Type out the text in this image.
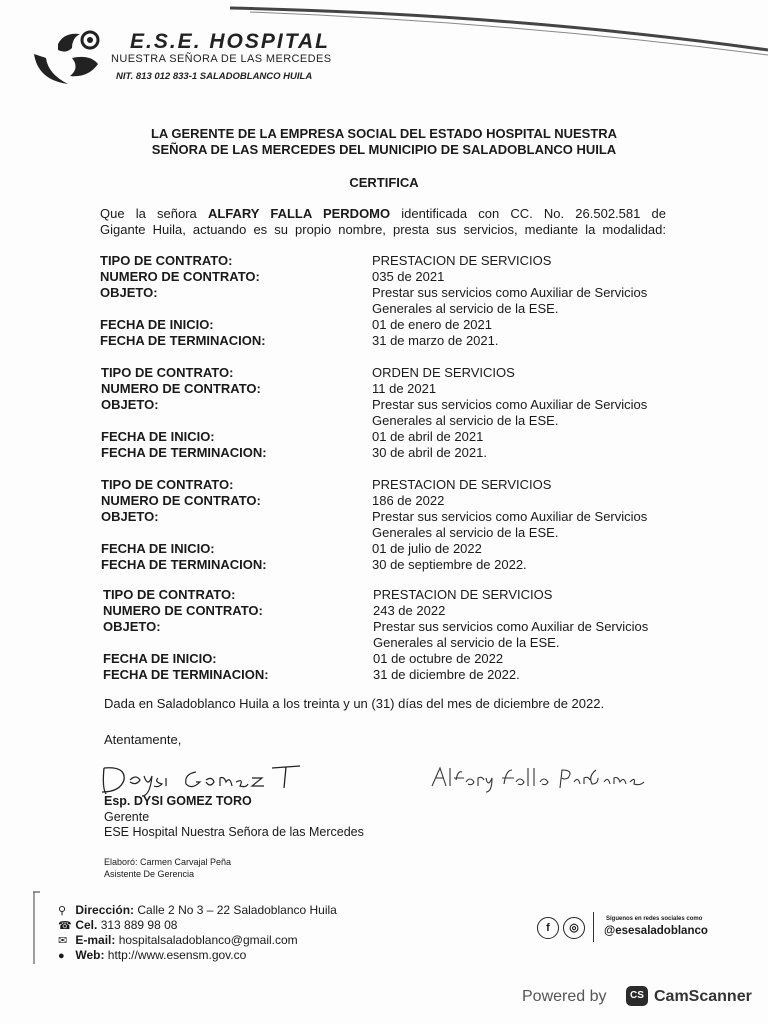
E.S.E. HOSPITAL
NUESTRA SEÑORA DE LAS MERCEDES
NIT. 813 012 833-1 SALADOBLANCO HUILA
LA GERENTE DE LA EMPRESA SOCIAL DEL ESTADO HOSPITAL NUESTRA
SEÑORA DE LAS MERCEDES DEL MUNICIPIO DE SALADOBLANCO HUILA
CERTIFICA
Que la señora ALFARY FALLA PERDOMO identificada con CC. No. 26.502.581 de
Gigante Huila, actuando es su propio nombre, presta sus servicios, mediante la modalidad:
TIPO DE CONTRATO:
NUMERO DE CONTRATO:
OBJETO:
FECHA DE INICIO:
FECHA DE TERMINACION:
PRESTACION DE SERVICIOS
035 de 2021
Prestar sus servicios como Auxiliar de Servicios
Generales al servicio de la ESE.
01 de enero de 2021
31 de marzo de 2021.
TIPO DE CONTRATO:
NUMERO DE CONTRATO:
OBJETO:
FECHA DE INICIO:
FECHA DE TERMINACION:
ORDEN DE SERVICIOS
11 de 2021
Prestar sus servicios como Auxiliar de Servicios
Generales al servicio de la ESE.
01 de abril de 2021
30 de abril de 2021.
TIPO DE CONTRATO:
NUMERO DE CONTRATO:
OBJETO:
FECHA DE INICIO:
FECHA DE TERMINACION:
PRESTACION DE SERVICIOS
186 de 2022
Prestar sus servicios como Auxiliar de Servicios
Generales al servicio de la ESE.
01 de julio de 2022
30 de septiembre de 2022.
TIPO DE CONTRATO:
NUMERO DE CONTRATO:
OBJETO:
FECHA DE INICIO:
FECHA DE TERMINACION:
PRESTACION DE SERVICIOS
243 de 2022
Prestar sus servicios como Auxiliar de Servicios
Generales al servicio de la ESE.
01 de octubre de 2022
31 de diciembre de 2022.
Dada en Saladoblanco Huila a los treinta y un (31) días del mes de diciembre de 2022.
Atentamente,
Esp. DYSI GOMEZ TORO
Gerente
ESE Hospital Nuestra Señora de las Mercedes
Elaboró: Carmen Carvajal Peña
Asistente De Gerencia
⚲ Dirección: Calle 2 No 3 – 22 Saladoblanco Huila
☎ Cel. 313 889 98 08
✉ E-mail: hospitalsaladoblanco@gmail.com
● Web: http://www.esensm.gov.co
f	◎
Síguenos en redes sociales como
@esesaladoblanco
Powered by	CS CamScanner
